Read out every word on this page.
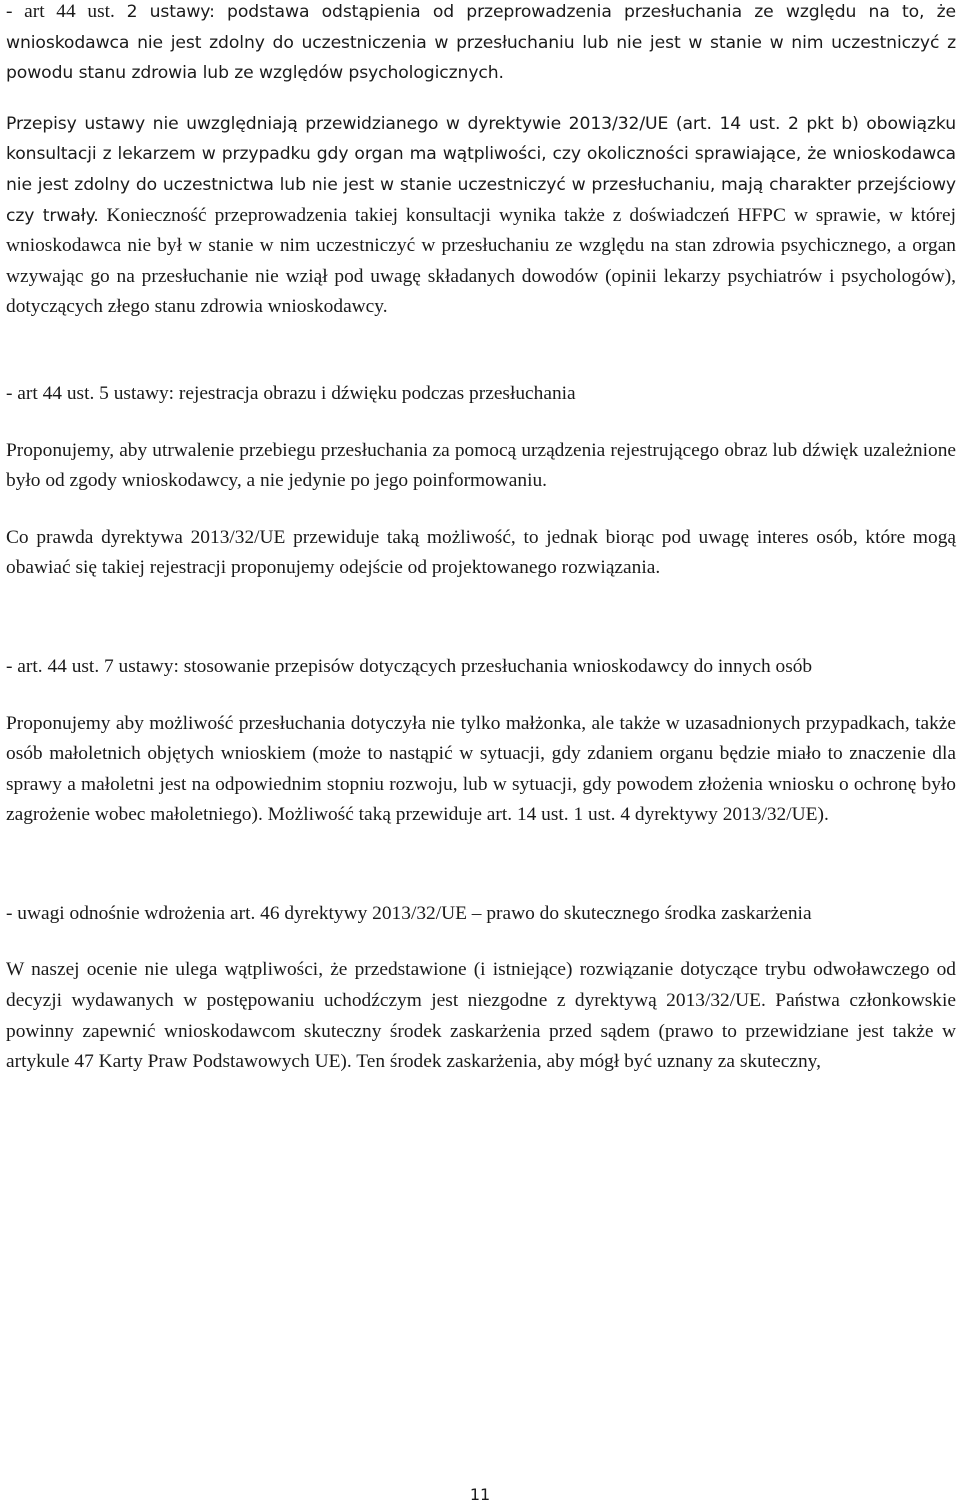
- art 44 ust. 2 ustawy: podstawa odstąpienia od przeprowadzenia przesłuchania ze względu na to, że wnioskodawca nie jest zdolny do uczestniczenia w przesłuchaniu lub nie jest w stanie w nim uczestniczyć z powodu stanu zdrowia lub ze względów psychologicznych.

Przepisy ustawy nie uwzględniają przewidzianego w dyrektywie 2013/32/UE (art. 14 ust. 2 pkt b) obowiązku konsultacji z lekarzem w przypadku gdy organ ma wątpliwości, czy okoliczności sprawiające, że wnioskodawca nie jest zdolny do uczestnictwa lub nie jest w stanie uczestniczyć w przesłuchaniu, mają charakter przejściowy czy trwały. Konieczność przeprowadzenia takiej konsultacji wynika także z doświadczeń HFPC w sprawie, w której wnioskodawca nie był w stanie w nim uczestniczyć w przesłuchaniu ze względu na stan zdrowia psychicznego, a organ wzywając go na przesłuchanie nie wziął pod uwagę składanych dowodów (opinii lekarzy psychiatrów i psychologów), dotyczących złego stanu zdrowia wnioskodawcy.

- art 44 ust. 5 ustawy: rejestracja obrazu i dźwięku podczas przesłuchania

Proponujemy, aby utrwalenie przebiegu przesłuchania za pomocą urządzenia rejestrującego obraz lub dźwięk uzależnione było od zgody wnioskodawcy, a nie jedynie po jego poinformowaniu.

Co prawda dyrektywa 2013/32/UE przewiduje taką możliwość, to jednak biorąc pod uwagę interes osób, które mogą obawiać się takiej rejestracji proponujemy odejście od projektowanego rozwiązania.

- art. 44 ust. 7 ustawy: stosowanie przepisów dotyczących przesłuchania wnioskodawcy do innych osób

Proponujemy aby możliwość przesłuchania dotyczyła nie tylko małżonka, ale także w uzasadnionych przypadkach, także osób małoletnich objętych wnioskiem (może to nastąpić w sytuacji, gdy zdaniem organu będzie miało to znaczenie dla sprawy a małoletni jest na odpowiednim stopniu rozwoju, lub w sytuacji, gdy powodem złożenia wniosku o ochronę było zagrożenie wobec małoletniego). Możliwość taką przewiduje art. 14 ust. 1 ust. 4 dyrektywy 2013/32/UE).

- uwagi odnośnie wdrożenia art. 46 dyrektywy 2013/32/UE – prawo do skutecznego środka zaskarżenia

W naszej ocenie nie ulega wątpliwości, że przedstawione (i istniejące) rozwiązanie dotyczące trybu odwoławczego od decyzji wydawanych w postępowaniu uchodźczym jest niezgodne z dyrektywą 2013/32/UE. Państwa członkowskie powinny zapewnić wnioskodawcom skuteczny środek zaskarżenia przed sądem (prawo to przewidziane jest także w artykule 47 Karty Praw Podstawowych UE). Ten środek zaskarżenia, aby mógł być uznany za skuteczny,

11
